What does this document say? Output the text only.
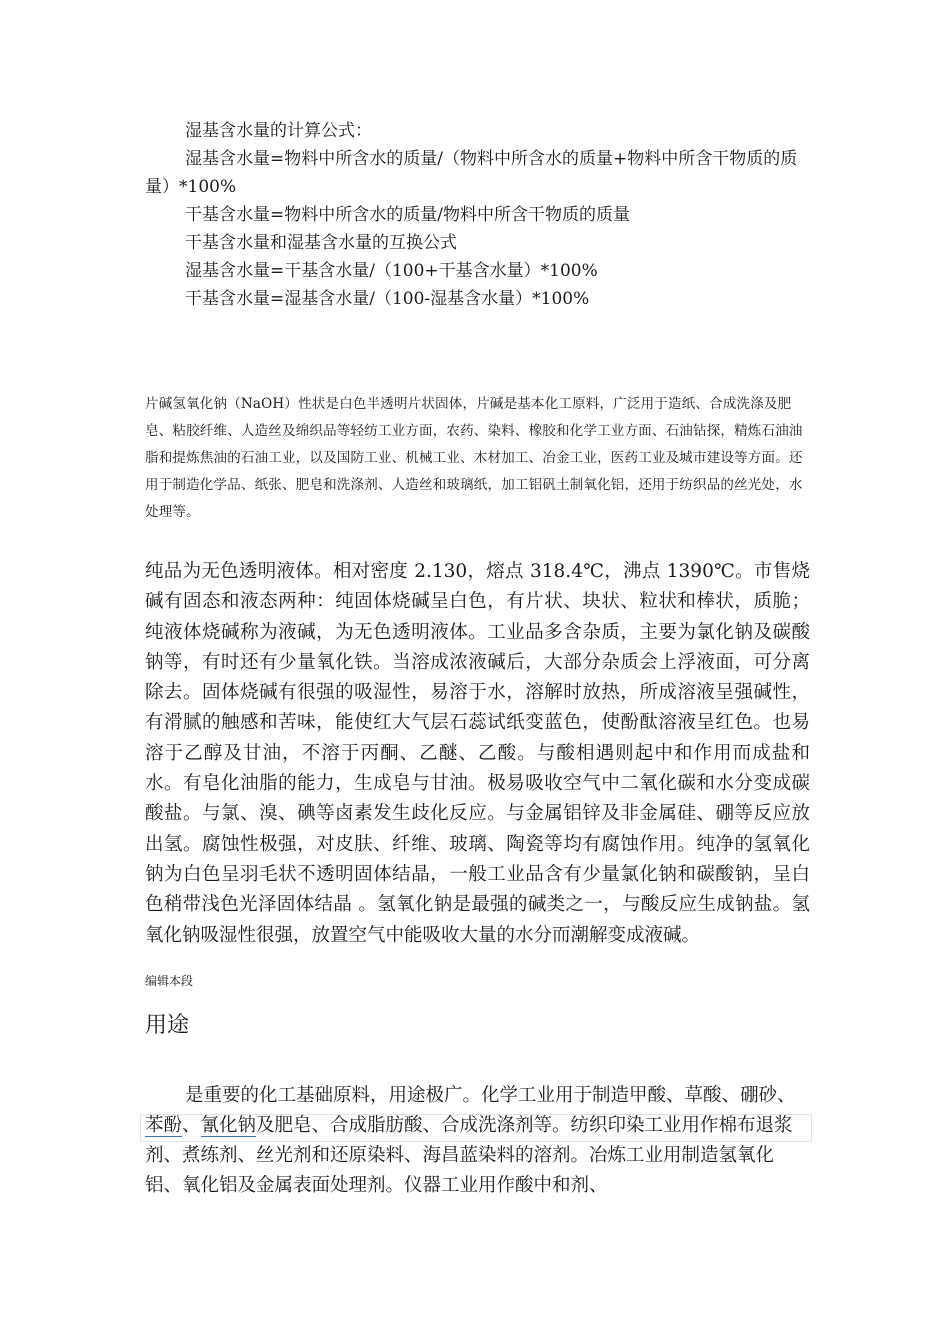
湿基含水量的计算公式：

湿基含水量=物料中所含水的质量/（物料中所含水的质量+物料中所含干物质的质量）*100%

干基含水量=物料中所含水的质量/物料中所含干物质的质量

干基含水量和湿基含水量的互换公式

湿基含水量=干基含水量/（100+干基含水量）*100%

干基含水量=湿基含水量/（100-湿基含水量）*100%

片碱氢氧化钠（NaOH）性状是白色半透明片状固体，片碱是基本化工原料，广泛用于造纸、合成洗涤及肥皂、粘胶纤维、人造丝及绵织品等轻纺工业方面，农药、染料、橡胶和化学工业方面、石油钻探，精炼石油油脂和提炼焦油的石油工业，以及国防工业、机械工业、木材加工、冶金工业，医药工业及城市建设等方面。还用于制造化学品、纸张、肥皂和洗涤剂、人造丝和玻璃纸，加工铝矾土制氧化铝，还用于纺织品的丝光处，水处理等。
纯品为无色透明液体。相对密度 2.130，熔点 318.4℃，沸点 1390℃。市售烧碱有固态和液态两种：纯固体烧碱呈白色，有片状、块状、粒状和棒状，质脆；纯液体烧碱称为液碱，为无色透明液体。工业品多含杂质，主要为氯化钠及碳酸钠等，有时还有少量氧化铁。当溶成浓液碱后，大部分杂质会上浮液面，可分离除去。固体烧碱有很强的吸湿性，易溶于水，溶解时放热，所成溶液呈强碱性，有滑腻的触感和苦味，能使红大气层石蕊试纸变蓝色，使酚酞溶液呈红色。也易溶于乙醇及甘油，不溶于丙酮、乙醚、乙酸。与酸相遇则起中和作用而成盐和水。有皂化油脂的能力，生成皂与甘油。极易吸收空气中二氧化碳和水分变成碳酸盐。与氯、溴、碘等卤素发生歧化反应。与金属铝锌及非金属硅、硼等反应放出氢。腐蚀性极强，对皮肤、纤维、玻璃、陶瓷等均有腐蚀作用。纯净的氢氧化钠为白色呈羽毛状不透明固体结晶，一般工业品含有少量氯化钠和碳酸钠，呈白色稍带浅色光泽固体结晶 。氢氧化钠是最强的碱类之一，与酸反应生成钠盐。氢氧化钠吸湿性很强，放置空气中能吸收大量的水分而潮解变成液碱。
编辑本段
用途
是重要的化工基础原料，用途极广。化学工业用于制造甲酸、草酸、硼砂、苯酚、氰化钠及肥皂、合成脂肪酸、合成洗涤剂等。纺织印染工业用作棉布退浆剂、煮练剂、丝光剂和还原染料、海昌蓝染料的溶剂。冶炼工业用制造氢氧化铝、氧化铝及金属表面处理剂。仪器工业用作酸中和剂、
